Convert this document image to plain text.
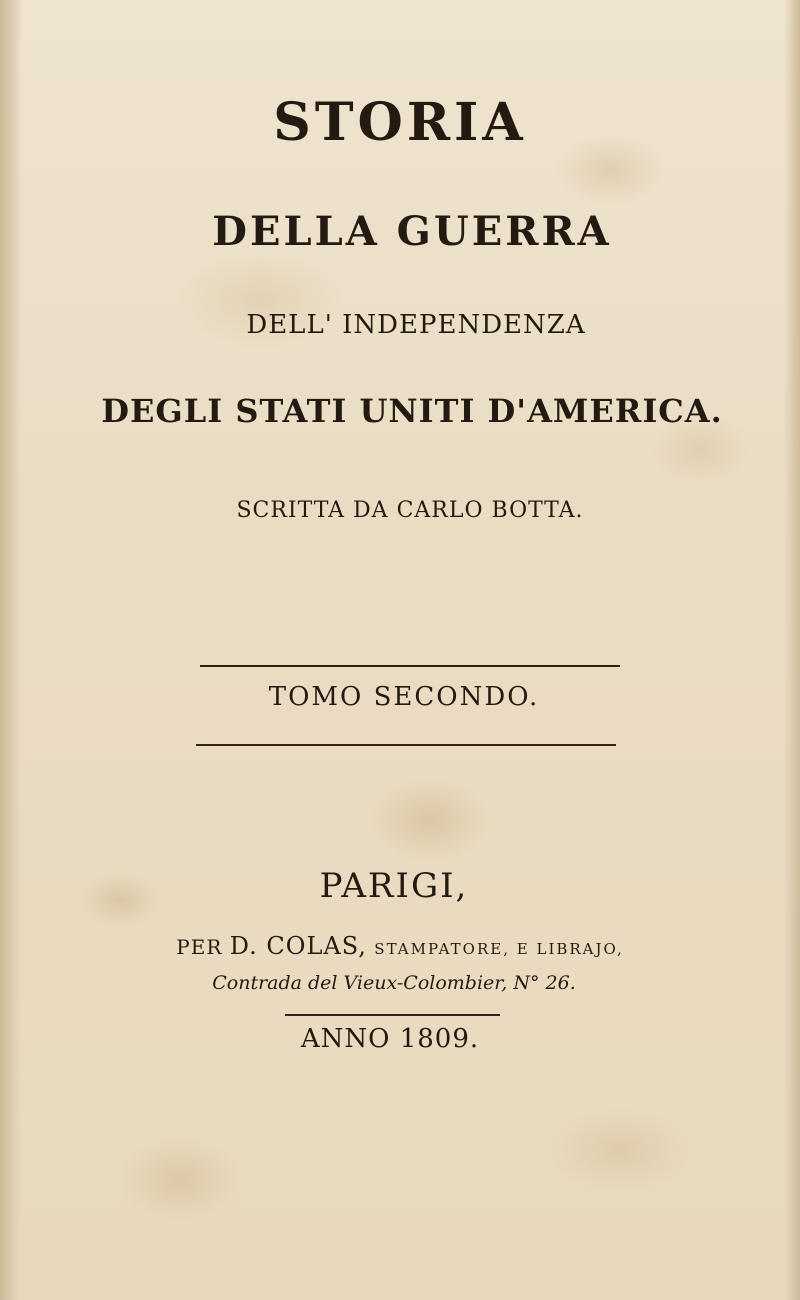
STORIA
DELLA GUERRA
DELL' INDEPENDENZA
DEGLI STATI UNITI D'AMERICA.
SCRITTA DA CARLO BOTTA.
TOMO SECONDO.
PARIGI,
PER D. COLAS, STAMPATORE, E LIBRAJO,
Contrada del Vieux-Colombier, N° 26.
ANNO 1809.
